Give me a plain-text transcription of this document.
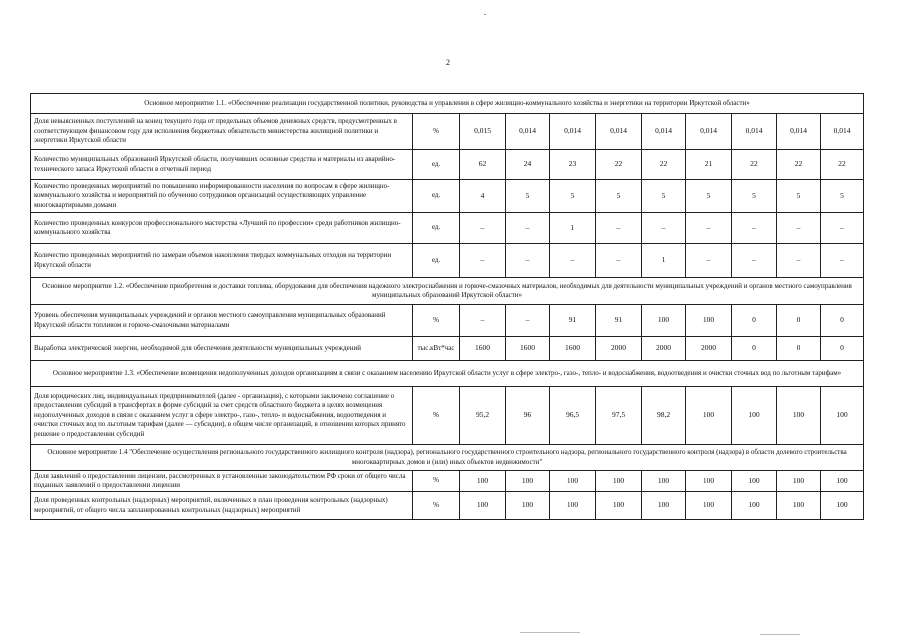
2
Основное мероприятие 1.1. «Обеспечение реализации государственной политики, руководства и управления в сфере жилищно-коммунального хозяйства и энергетики на территории Иркутской области»										
Доля невыясненных поступлений на конец текущего года от предельных объемов денежных средств, предусмотренных в соответствующем финансовом году для исполнения бюджетных обязательств министерства жилищной политики и энергетики Иркутской области	%	0,015	0,014	0,014	0,014	0,014	0,014	0,014	0,014	0,014
Количество муниципальных образований Иркутской области, получивших основные средства и материалы из аварийно-технического запаса Иркутской области в отчетный период	ед.	62	24	23	22	22	21	22	22	22
Количество проведенных мероприятий по повышению информированности населения по вопросам в сфере жилищно-коммунального хозяйства и мероприятий по обучению сотрудников организаций осуществляющих управление многоквартирными домами	ед.	4	5	5	5	5	5	5	5	5
Количество проведенных конкурсов профессионального мастерства «Лучший по профессии» среди работников жилищно-коммунального хозяйства	ед.	–	–	1	–	–	–	–	–	–
Количество проведенных мероприятий по замерам объемов накопления твердых коммунальных отходов на территории Иркутской области	ед.	–	–	–	–	1	–	–	–	–
Основное мероприятие 1.2. «Обеспечение приобретения и доставки топлива, оборудования для обеспечения надежного электроснабжения и горюче-смазочных материалов, необходимых для деятельности муниципальных учреждений и органов местного самоуправления муниципальных образований Иркутской области»										
Уровень обеспечения муниципальных учреждений и органов местного самоуправления муниципальных образований Иркутской области топливом и горюче-смазочными материалами	%	–	–	91	91	100	100	0	0	0
Выработка электрической энергии, необходимой для обеспечения деятельности муниципальных учреждений	тыс.кВт*час	1600	1600	1600	2000	2000	2000	0	0	0
Основное мероприятие 1.3. «Обеспечение возмещения недополученных доходов организациям в связи с оказанием населению Иркутской области услуг в сфере электро-, газо-, тепло- и водоснабжения, водоотведения и очистки сточных вод по льготным тарифам»										
Доля юридических лиц, индивидуальных предпринимателей (далее - организация), с которыми заключено соглашение о предоставлении субсидий в трансфертах в форме субсидий за счет средств областного бюджета в целях возмещения недополученных доходов в связи с оказанием услуг в сфере электро-, газо-, тепло- и водоснабжения, водоотведения и очистки сточных вод по льготным тарифам (далее — субсидии), в общем числе организаций, в отношении которых принято решение о предоставлении субсидий	%	95,2	96	96,5	97,5	98,2	100	100	100	100
Основное мероприятие 1.4 "Обеспечение осуществления регионального государственного жилищного контроля (надзора), регионального государственного строительного надзора, регионального государственного контроля (надзора) в области долевого строительства многоквартирных домов и (или) иных объектов недвижимости"										
Доля заявлений о предоставлении лицензии, рассмотренных в установленные законодательством РФ сроки от общего числа поданных заявлений о предоставлении лицензии	%	100	100	100	100	100	100	100	100	100
Доля проведенных контрольных (надзорных) мероприятий, включенных в план проведения контрольных (надзорных) мероприятий, от общего числа запланированных контрольных (надзорных) мероприятий	%	100	100	100	100	100	100	100	100	100
